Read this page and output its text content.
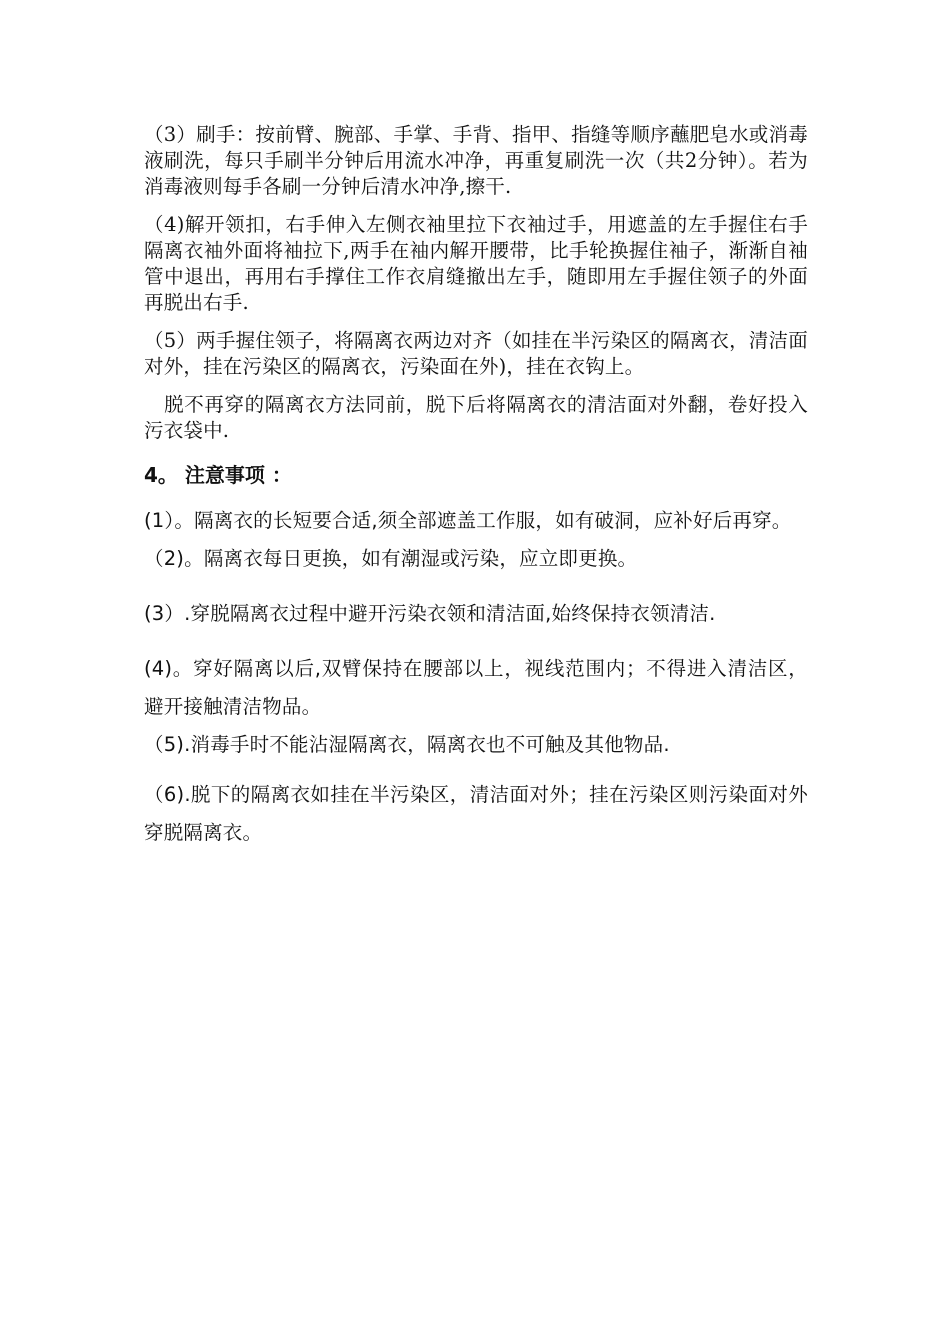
（3）刷手：按前臂、腕部、手掌、手背、指甲、指缝等顺序蘸肥皂水或消毒液刷洗，每只手刷半分钟后用流水冲净，再重复刷洗一次（共2分钟）。若为消毒液则每手各刷一分钟后清水冲净,擦干.

（4)解开领扣，右手伸入左侧衣袖里拉下衣袖过手，用遮盖的左手握住右手隔离衣袖外面将袖拉下,两手在袖内解开腰带，比手轮换握住袖子，渐渐自袖管中退出，再用右手撑住工作衣肩缝撤出左手，随即用左手握住领子的外面再脱出右手.

（5）两手握住领子，将隔离衣两边对齐（如挂在半污染区的隔离衣，清洁面对外，挂在污染区的隔离衣，污染面在外)，挂在衣钩上。

　脱不再穿的隔离衣方法同前，脱下后将隔离衣的清洁面对外翻，卷好投入污衣袋中.

4。 注意事项 ：

(1）。隔离衣的长短要合适,须全部遮盖工作服，如有破洞，应补好后再穿。

（2)。隔离衣每日更换，如有潮湿或污染，应立即更换。

(3）.穿脱隔离衣过程中避开污染衣领和清洁面,始终保持衣领清洁.

(4)。穿好隔离以后,双臂保持在腰部以上，视线范围内；不得进入清洁区，避开接触清洁物品。

（5).消毒手时不能沾湿隔离衣，隔离衣也不可触及其他物品.

（6).脱下的隔离衣如挂在半污染区，清洁面对外；挂在污染区则污染面对外穿脱隔离衣。
